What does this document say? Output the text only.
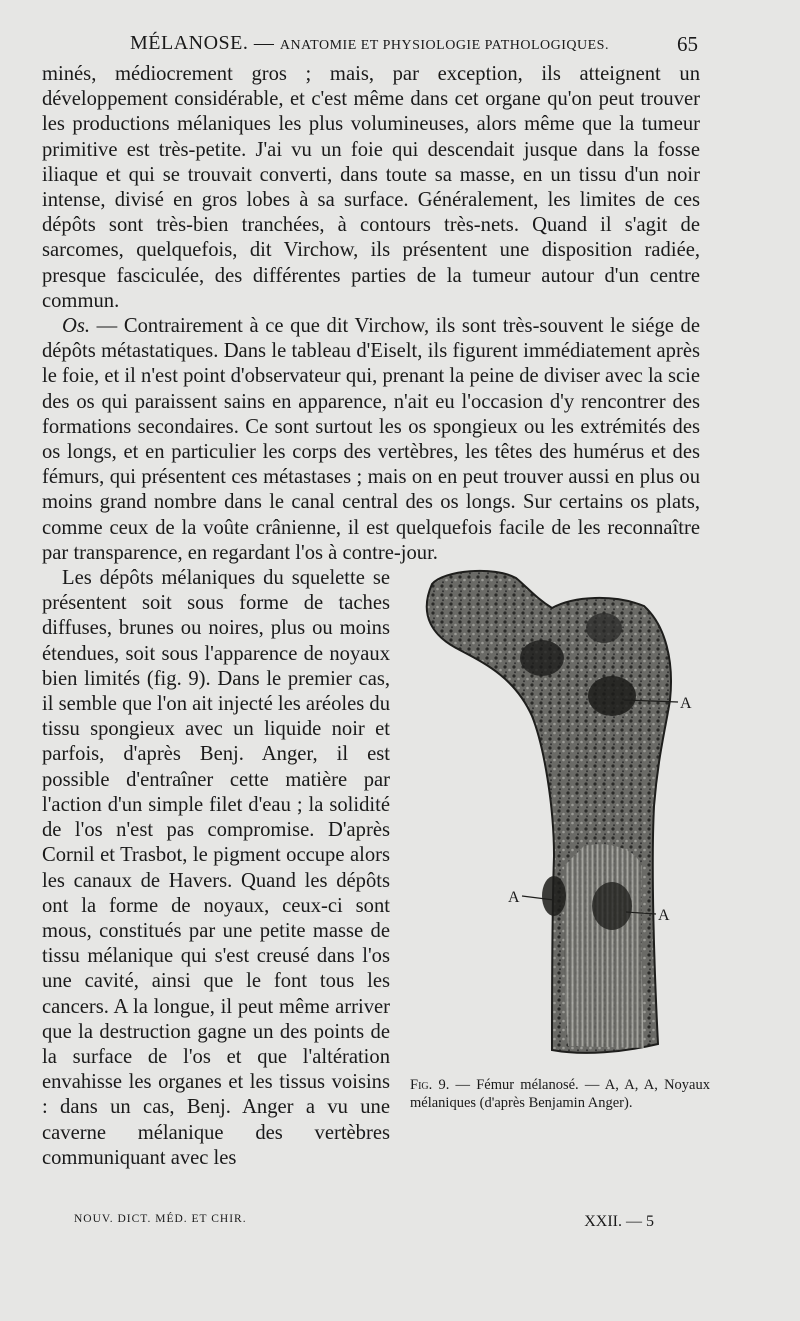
MÉLANOSE. — ANATOMIE ET PHYSIOLOGIE PATHOLOGIQUES.	65

minés, médiocrement gros ; mais, par exception, ils atteignent un développement considérable, et c'est même dans cet organe qu'on peut trouver les productions mélaniques les plus volumineuses, alors même que la tumeur primitive est très-petite. J'ai vu un foie qui descendait jusque dans la fosse iliaque et qui se trouvait converti, dans toute sa masse, en un tissu d'un noir intense, divisé en gros lobes à sa surface. Généralement, les limites de ces dépôts sont très-bien tranchées, à contours très-nets. Quand il s'agit de sarcomes, quelquefois, dit Virchow, ils présentent une disposition radiée, presque fasciculée, des différentes parties de la tumeur autour d'un centre commun.

Os. — Contrairement à ce que dit Virchow, ils sont très-souvent le siége de dépôts métastatiques. Dans le tableau d'Eiselt, ils figurent immédiatement après le foie, et il n'est point d'observateur qui, prenant la peine de diviser avec la scie des os qui paraissent sains en apparence, n'ait eu l'occasion d'y rencontrer des formations secondaires. Ce sont surtout les os spongieux ou les extrémités des os longs, et en particulier les corps des vertèbres, les têtes des humérus et des fémurs, qui présentent ces métastases ; mais on en peut trouver aussi en plus ou moins grand nombre dans le canal central des os longs. Sur certains os plats, comme ceux de la voûte crânienne, il est quelquefois facile de les reconnaître par transparence, en regardant l'os à contre-jour.

A
A
A
Fig. 9. — Fémur mélanosé. — A, A, A, Noyaux mélaniques (d'après Benjamin Anger).

Les dépôts mélaniques du squelette se présentent soit sous forme de taches diffuses, brunes ou noires, plus ou moins étendues, soit sous l'apparence de noyaux bien limités (fig. 9). Dans le premier cas, il semble que l'on ait injecté les aréoles du tissu spongieux avec un liquide noir et parfois, d'après Benj. Anger, il est possible d'entraîner cette matière par l'action d'un simple filet d'eau ; la solidité de l'os n'est pas compromise. D'après Cornil et Trasbot, le pigment occupe alors les canaux de Havers. Quand les dépôts ont la forme de noyaux, ceux-ci sont mous, constitués par une petite masse de tissu mélanique qui s'est creusé dans l'os une cavité, ainsi que le font tous les cancers. A la longue, il peut même arriver que la destruction gagne un des points de la surface de l'os et que l'altération envahisse les organes et les tissus voisins : dans un cas, Benj. Anger a vu une caverne mélanique des vertèbres communiquant avec les

NOUV. DICT. MÉD. ET CHIR.	XXII. — 5
